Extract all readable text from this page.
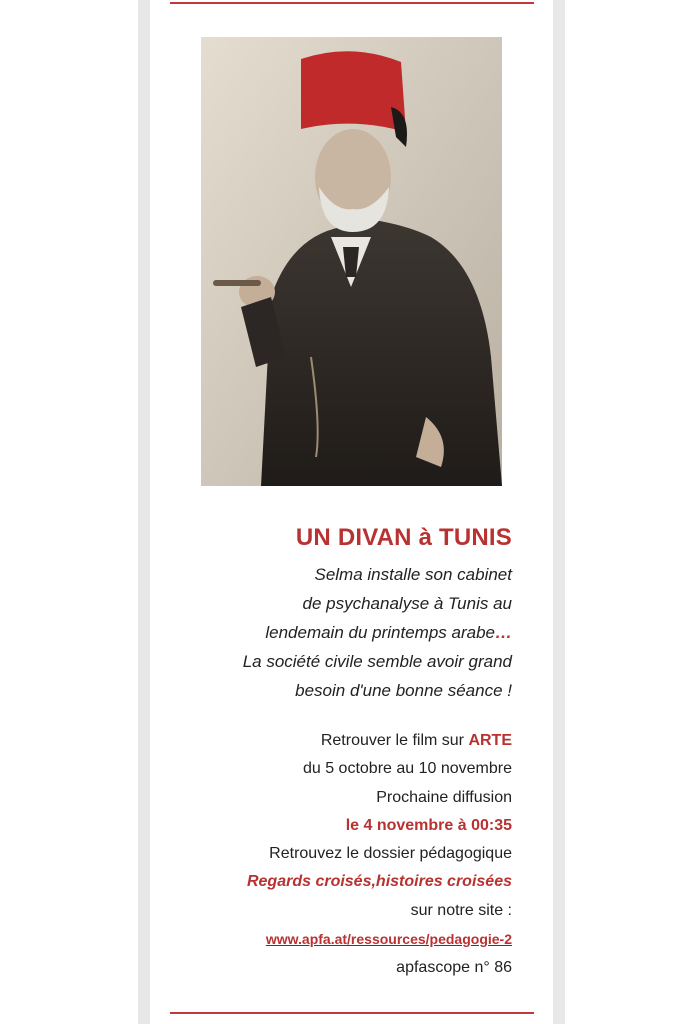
UN DIVAN à TUNIS
Selma installe son cabinet
de psychanalyse à Tunis au
lendemain du printemps arabe…
La société civile semble avoir grand
besoin d'une bonne séance !
Retrouver le film sur ARTE
du 5 octobre au 10 novembre
Prochaine diffusion
le 4 novembre à 00:35
Retrouvez le dossier pédagogique
Regards croisés,histoires croisées
sur notre site :
www.apfa.at/ressources/pedagogie-2
apfascope n° 86
